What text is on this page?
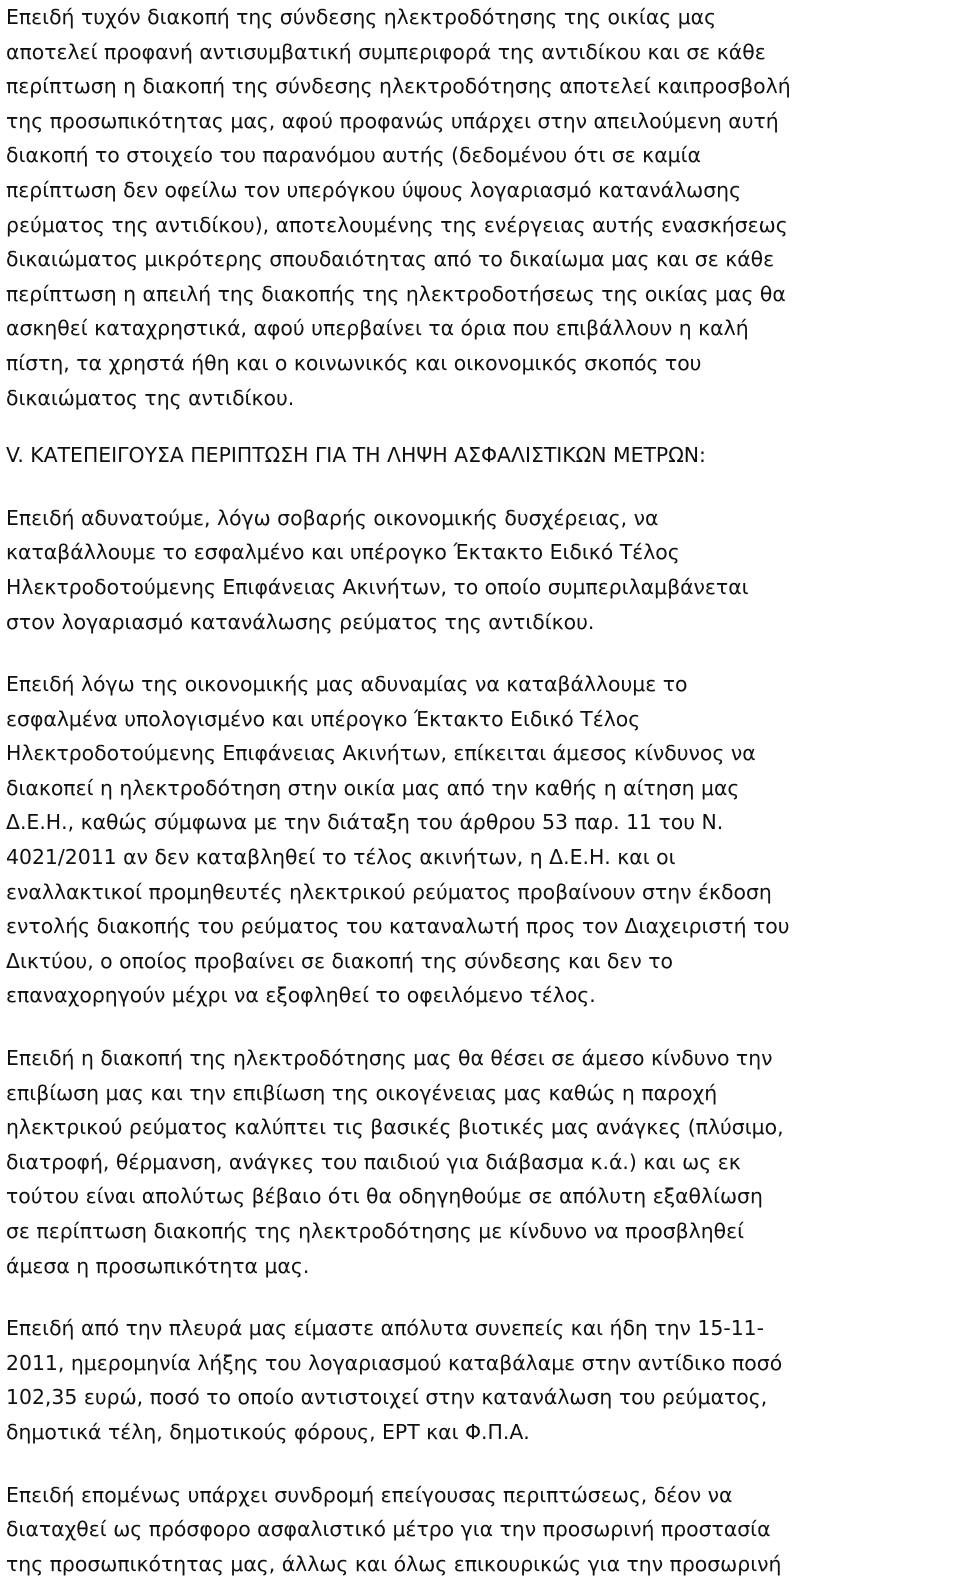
Επειδή τυχόν διακοπή της σύνδεσης ηλεκτροδότησης της οικίας μας

αποτελεί προφανή αντισυμβατική συμπεριφορά της αντιδίκου και σε κάθε

περίπτωση η διακοπή της σύνδεσης ηλεκτροδότησης αποτελεί καιπροσβολή

της προσωπικότητας μας, αφού προφανώς υπάρχει στην απειλούμενη αυτή

διακοπή το στοιχείο του παρανόμου αυτής (δεδομένου ότι σε καμία

περίπτωση δεν οφείλω τον υπερόγκου ύψους λογαριασμό κατανάλωσης

ρεύματος της αντιδίκου), αποτελουμένης της ενέργειας αυτής ενασκήσεως

δικαιώματος μικρότερης σπουδαιότητας από το δικαίωμα μας και σε κάθε

περίπτωση η απειλή της διακοπής της ηλεκτροδοτήσεως της οικίας μας θα

ασκηθεί καταχρηστικά, αφού υπερβαίνει τα όρια που επιβάλλουν η καλή

πίστη, τα χρηστά ήθη και ο κοινωνικός και οικονομικός σκοπός του

δικαιώματος της αντιδίκου.

V. ΚΑΤΕΠΕΙΓΟΥΣΑ ΠΕΡΙΠΤΩΣΗ ΓΙΑ ΤΗ ΛΗΨΗ ΑΣΦΑΛΙΣΤΙΚΩΝ ΜΕΤΡΩΝ:

Επειδή αδυνατούμε, λόγω σοβαρής οικονομικής δυσχέρειας, να

καταβάλλουμε το εσφαλμένο και υπέρογκο Έκτακτο Ειδικό Τέλος

Ηλεκτροδοτούμενης Επιφάνειας Ακινήτων, το οποίο συμπεριλαμβάνεται

στον λογαριασμό κατανάλωσης ρεύματος της αντιδίκου.

Επειδή λόγω της οικονομικής μας αδυναμίας να καταβάλλουμε το

εσφαλμένα υπολογισμένο και υπέρογκο Έκτακτο Ειδικό Τέλος

Ηλεκτροδοτούμενης Επιφάνειας Ακινήτων, επίκειται άμεσος κίνδυνος να

διακοπεί η ηλεκτροδότηση στην οικία μας από την καθής η αίτηση μας

Δ.Ε.Η., καθώς σύμφωνα με την διάταξη του άρθρου 53 παρ. 11 του Ν.

4021/2011 αν δεν καταβληθεί το τέλος ακινήτων, η Δ.Ε.Η. και οι

εναλλακτικοί προμηθευτές ηλεκτρικού ρεύματος προβαίνουν στην έκδοση

εντολής διακοπής του ρεύματος του καταναλωτή προς τον Διαχειριστή του

Δικτύου, ο οποίος προβαίνει σε διακοπή της σύνδεσης και δεν το

επαναχορηγούν μέχρι να εξοφληθεί το οφειλόμενο τέλος.

Επειδή η διακοπή της ηλεκτροδότησης μας θα θέσει σε άμεσο κίνδυνο την

επιβίωση μας και την επιβίωση της οικογένειας μας καθώς η παροχή

ηλεκτρικού ρεύματος καλύπτει τις βασικές βιοτικές μας ανάγκες (πλύσιμο,

διατροφή, θέρμανση, ανάγκες του παιδιού για διάβασμα κ.ά.) και ως εκ

τούτου είναι απολύτως βέβαιο ότι θα οδηγηθούμε σε απόλυτη εξαθλίωση

σε περίπτωση διακοπής της ηλεκτροδότησης με κίνδυνο να προσβληθεί

άμεσα η προσωπικότητα μας.

Επειδή από την πλευρά μας είμαστε απόλυτα συνεπείς και ήδη την 15-11-

2011, ημερομηνία λήξης του λογαριασμού καταβάλαμε στην αντίδικο ποσό

102,35 ευρώ, ποσό το οποίο αντιστοιχεί στην κατανάλωση του ρεύματος,

δημοτικά τέλη, δημοτικούς φόρους, ΕΡΤ και Φ.Π.Α.

Επειδή επομένως υπάρχει συνδρομή επείγουσας περιπτώσεως, δέον να

διαταχθεί ως πρόσφορο ασφαλιστικό μέτρο για την προσωρινή προστασία

της προσωπικότητας μας, άλλως και όλως επικουρικώς για την προσωρινή
